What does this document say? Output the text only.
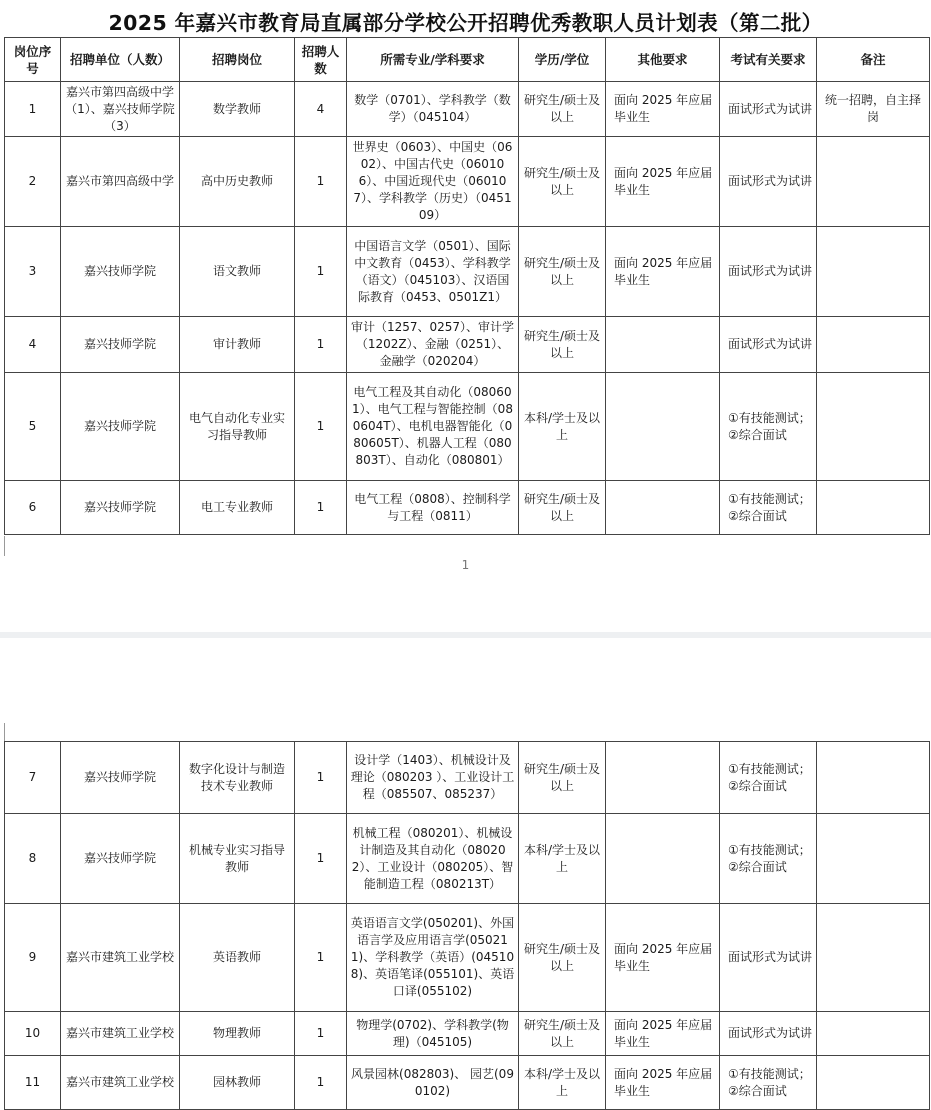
2025 年嘉兴市教育局直属部分学校公开招聘优秀教职人员计划表（第二批）
岗位序号	招聘单位（人数）	招聘岗位	招聘人数	所需专业/学科要求	学历/学位	其他要求	考试有关要求	备注
1	嘉兴市第四高级中学（1）、嘉兴技师学院（3）	数学教师	4	数学（0701）、学科教学（数学）（045104）	研究生/硕士及以上	面向 2025 年应届毕业生	面试形式为试讲	统一招聘，自主择岗
2	嘉兴市第四高级中学	高中历史教师	1	世界史（0603）、中国史（0602）、中国古代史（060106）、中国近现代史（060107）、学科教学（历史）（045109）	研究生/硕士及以上	面向 2025 年应届毕业生	面试形式为试讲	
3	嘉兴技师学院	语文教师	1	中国语言文学（0501）、国际中文教育（0453）、学科教学（语文）（045103）、汉语国际教育（0453、0501Z1）	研究生/硕士及以上	面向 2025 年应届毕业生	面试形式为试讲	
4	嘉兴技师学院	审计教师	1	审计（1257、0257）、审计学（1202Z）、金融（0251）、金融学（020204）	研究生/硕士及以上		面试形式为试讲	
5	嘉兴技师学院	电气自动化专业实习指导教师	1	电气工程及其自动化（080601）、电气工程与智能控制（080604T）、电机电器智能化（080605T）、机器人工程（080803T）、自动化（080801）	本科/学士及以上		①有技能测试；②综合面试	
6	嘉兴技师学院	电工专业教师	1	电气工程（0808）、控制科学与工程（0811）	研究生/硕士及以上		①有技能测试；②综合面试	
1
7	嘉兴技师学院	数字化设计与制造技术专业教师	1	设计学（1403）、机械设计及理论（080203 ）、工业设计工程（085507、085237）	研究生/硕士及以上		①有技能测试；②综合面试	
8	嘉兴技师学院	机械专业实习指导教师	1	机械工程（080201）、机械设计制造及其自动化（080202）、工业设计（080205）、智能制造工程（080213T）	本科/学士及以上		①有技能测试；②综合面试	
9	嘉兴市建筑工业学校	英语教师	1	英语语言文学(050201)、外国语言学及应用语言学(050211)、学科教学（英语）(045108)、英语笔译(055101)、英语口译(055102)	研究生/硕士及以上	面向 2025 年应届毕业生	面试形式为试讲	
10	嘉兴市建筑工业学校	物理教师	1	物理学(0702)、学科教学(物理)（045105)	研究生/硕士及以上	面向 2025 年应届毕业生	面试形式为试讲	
11	嘉兴市建筑工业学校	园林教师	1	风景园林(082803)、 园艺(090102)	本科/学士及以上	面向 2025 年应届毕业生	①有技能测试；②综合面试	
